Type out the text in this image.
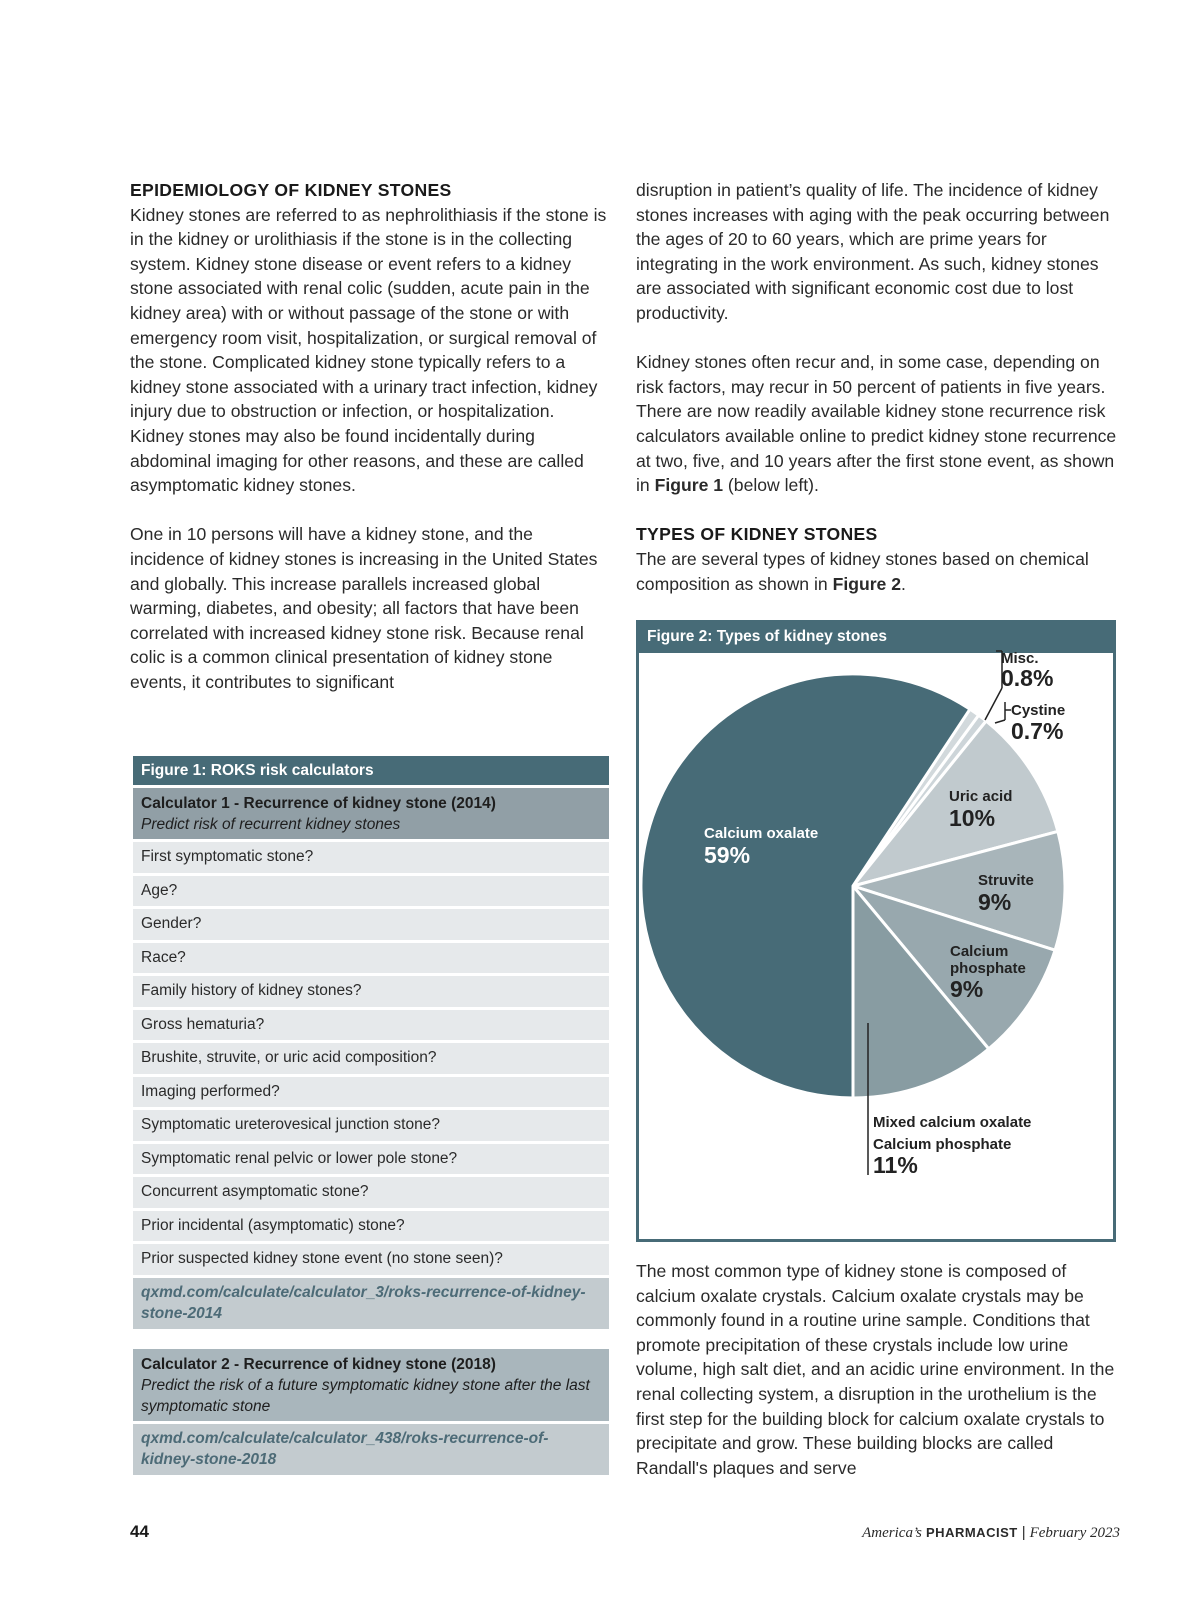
EPIDEMIOLOGY OF KIDNEY STONES

Kidney stones are referred to as nephrolithiasis if the stone is in the kidney or urolithiasis if the stone is in the collecting system. Kidney stone disease or event refers to a kidney stone associated with renal colic (sudden, acute pain in the kidney area) with or without passage of the stone or with emergency room visit, hospitalization, or surgical removal of the stone. Complicated kidney stone typically refers to a kidney stone associated with a urinary tract infection, kidney injury due to obstruction or infection, or hospitalization. Kidney stones may also be found incidentally during abdominal imaging for other reasons, and these are called asymptomatic kidney stones.

One in 10 persons will have a kidney stone, and the incidence of kidney stones is increasing in the United States and globally. This increase parallels increased global warming, diabetes, and obesity; all factors that have been correlated with increased kidney stone risk. Because renal colic is a common clinical presentation of kidney stone events, it contributes to significant

disruption in patient’s quality of life. The incidence of kidney stones increases with aging with the peak occurring between the ages of 20 to 60 years, which are prime years for integrating in the work environment. As such, kidney stones are associated with significant economic cost due to lost productivity.

Kidney stones often recur and, in some case, depending on risk factors, may recur in 50 percent of patients in five years. There are now readily available kidney stone recurrence risk calculators available online to predict kidney stone recurrence at two, five, and 10 years after the first stone event, as shown in Figure 1 (below left).

TYPES OF KIDNEY STONES

The are several types of kidney stones based on chemical composition as shown in Figure 2.

The most common type of kidney stone is composed of calcium oxalate crystals. Calcium oxalate crystals may be commonly found in a routine urine sample. Conditions that promote precipitation of these crystals include low urine volume, high salt diet, and an acidic urine environment. In the renal collecting system, a disruption in the urothelium is the first step for the building block for calcium oxalate crystals to precipitate and grow. These building blocks are called Randall's plaques and serve

Figure 1: ROKS risk calculators
Calculator 1 - Recurrence of kidney stone (2014)
Predict risk of recurrent kidney stones
First symptomatic stone?
Age?
Gender?
Race?
Family history of kidney stones?
Gross hematuria?
Brushite, struvite, or uric acid composition?
Imaging performed?
Symptomatic ureterovesical junction stone?
Symptomatic renal pelvic or lower pole stone?
Concurrent asymptomatic stone?
Prior incidental (asymptomatic) stone?
Prior suspected kidney stone event (no stone seen)?
qxmd.com/calculate/calculator_3/roks-recurrence-of-kidney-stone-2014
Calculator 2 - Recurrence of kidney stone (2018)
Predict the risk of a future symptomatic kidney stone after the last symptomatic stone
qxmd.com/calculate/calculator_438/roks-recurrence-of-kidney-stone-2018
Figure 2: Types of kidney stones
Misc.
0.8%
Cystine
0.7%
Uric acid
10%
Struvite
9%
Calcium
phosphate
9%
Mixed calcium oxalate
Calcium phosphate
11%
Calcium oxalate
59%
44	America’s PHARMACIST | February 2023
